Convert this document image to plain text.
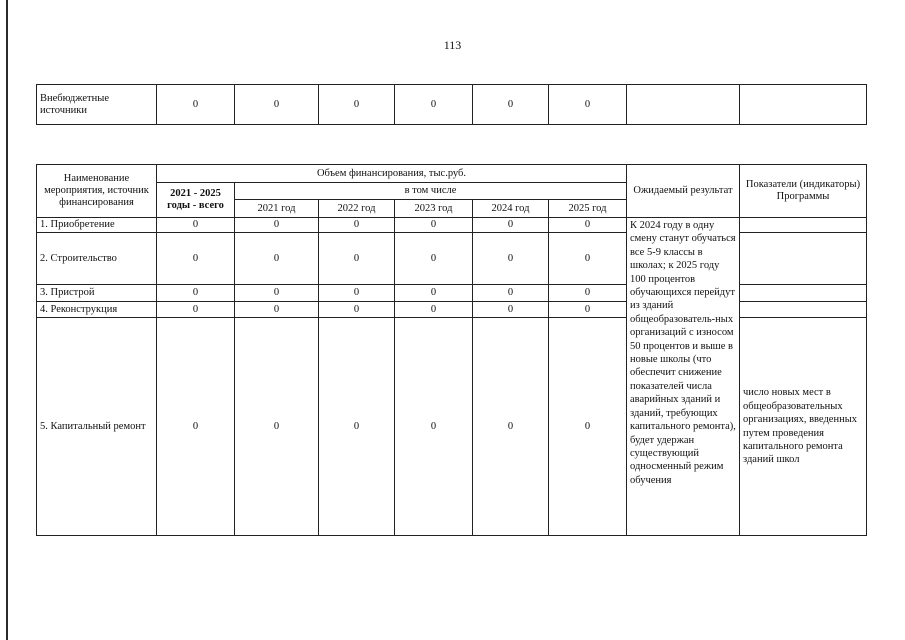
113
Внебюджетные источники	0	0	0	0	0	0		
Наименование мероприятия, источник финансирования	Объем финансирования, тыс.руб.						Ожидаемый результат	Показатели (индикаторы) Программы
	2021 - 2025 годы - всего	в том числе						
		2021 год	2022 год	2023 год	2024 год	2025 год		
1. Приобретение	0	0	0	0	0	0	К 2024 году в одну смену станут обучаться все 5-9 классы в школах; к 2025 году 100 процентов обучающихся перейдут из зданий общеобразователь-ных организаций с износом 50 процентов и выше в новые школы (что обеспечит снижение показателей числа аварийных зданий и зданий, требующих капитального ремонта), будет удержан существующий односменный режим обучения	
2. Строительство	0	0	0	0	0	0		
3. Пристрой	0	0	0	0	0	0		
4. Реконструкция	0	0	0	0	0	0		
5. Капитальный ремонт	0	0	0	0	0	0		число новых мест в общеобразовательных организациях, введенных путем проведения капитального ремонта зданий школ
